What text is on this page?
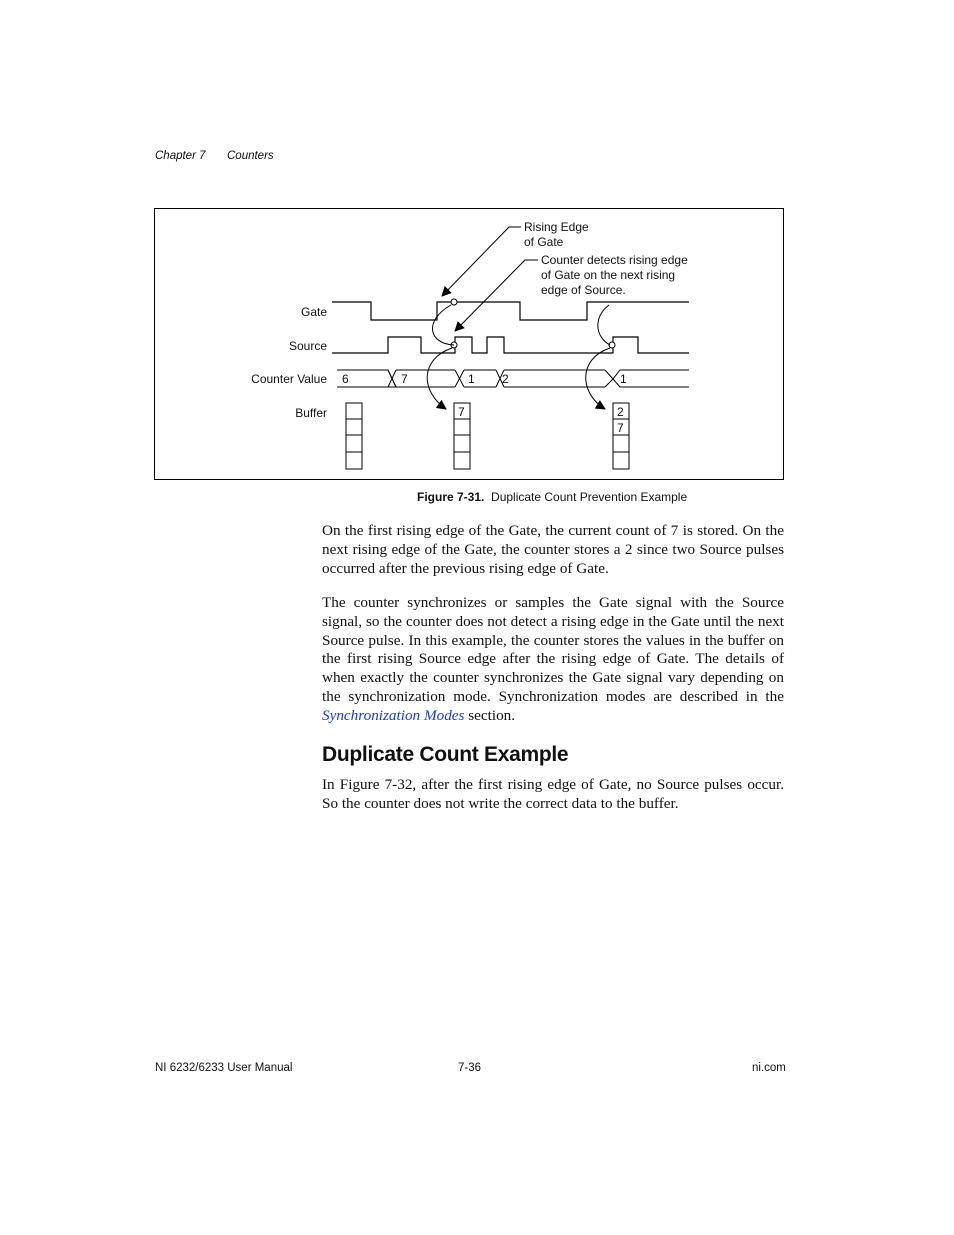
Chapter 7 Counters
Rising Edge
of Gate
Counter detects rising edge
of Gate on the next rising
edge of Source.
Gate
Source
Counter Value
Buffer
6	7	1 2	1
7	2
7
Figure 7-31. Duplicate Count Prevention Example
On the first rising edge of the Gate, the current count of 7 is stored. On the next rising edge of the Gate, the counter stores a 2 since two Source pulses occurred after the previous rising edge of Gate.
The counter synchronizes or samples the Gate signal with the Source signal, so the counter does not detect a rising edge in the Gate until the next Source pulse. In this example, the counter stores the values in the buffer on the first rising Source edge after the rising edge of Gate. The details of when exactly the counter synchronizes the Gate signal vary depending on the synchronization mode. Synchronization modes are described in the Synchronization Modes section.
Duplicate Count Example
In Figure 7-32, after the first rising edge of Gate, no Source pulses occur. So the counter does not write the correct data to the buffer.
NI 6232/6233 User Manual	7-36	ni.com
